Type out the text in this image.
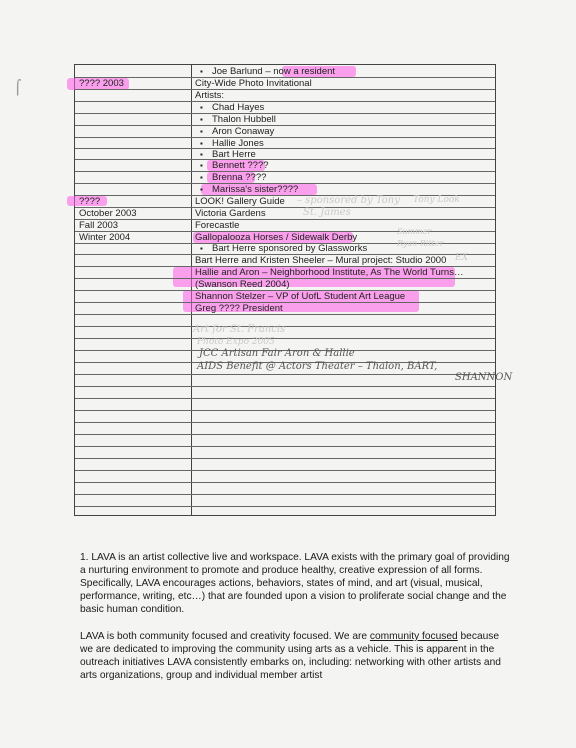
⌠
▪ Joe Barlund – now a resident
???? 2003	City-Wide Photo Invitational
Artists:
▪ Chad Hayes
▪ Thalon Hubbell
▪ Aron Conaway
▪ Hallie Jones
▪ Bart Herre
▪ Bennett ????
▪ Brenna ????
▪ Marissa's sister????
????	LOOK! Gallery Guide
October 2003	Victoria Gardens
Fall 2003	Forecastle
Winter 2004	Gallopalooza Horses / Sidewalk Derby
▪ Bart Herre sponsored by Glassworks
Bart Herre and Kristen Sheeler – Mural project: Studio 2000
Hallie and Aron – Neighborhood Institute, As The World Turns…
(Swanson Reed 2004)
Shannon Stelzer – VP of UofL Student Art League
Greg ???? President
– sponsored by Tony Tony Look
St. James
Summer
Ryan Ritter
EX
Art for St. Francis
Photo Expo 2005
JCC Artisan Fair Aron & Hallie
AIDS Benefit @ Actors Theater – Thalon, BART,
SHANNON
1. LAVA is an artist collective live and workspace. LAVA exists with the primary goal of providing a nurturing environment to promote and produce healthy, creative expression of all forms. Specifically, LAVA encourages actions, behaviors, states of mind, and art (visual, musical, performance, writing, etc…) that are founded upon a vision to proliferate social change and the basic human condition.
LAVA is both community focused and creativity focused. We are community focused because we are dedicated to improving the community using arts as a vehicle. This is apparent in the outreach initiatives LAVA consistently embarks on, including: networking with other artists and arts organizations, group and individual member artist
